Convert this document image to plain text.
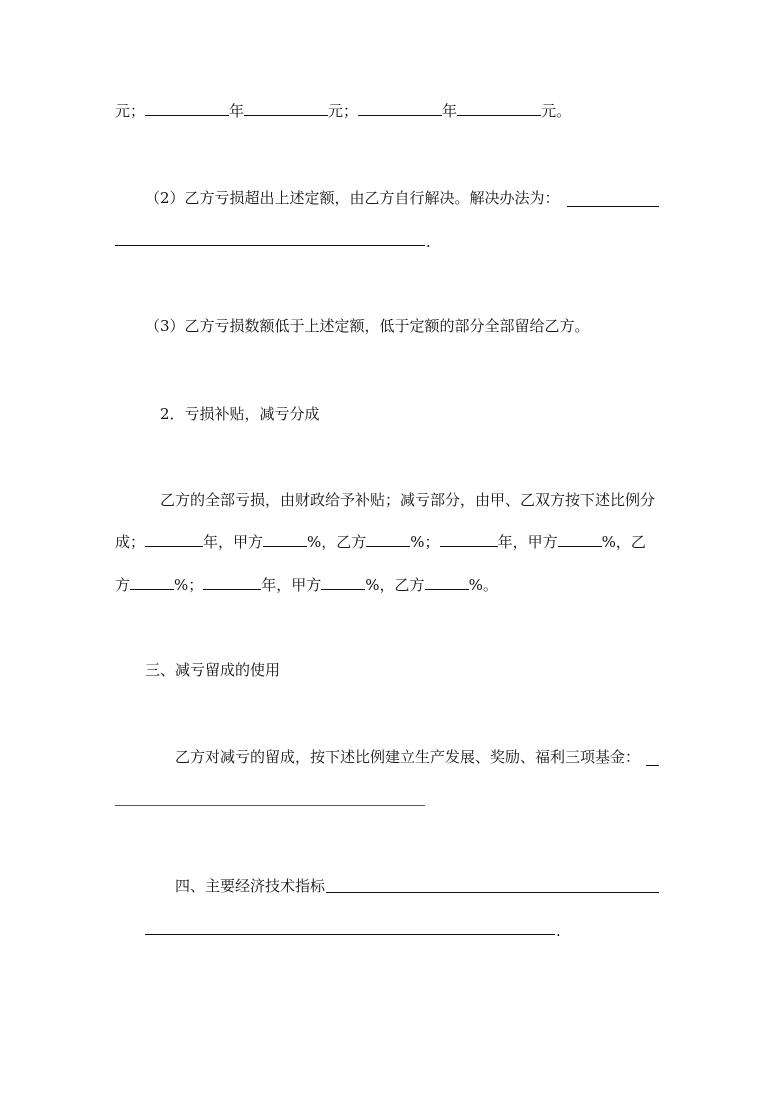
元；	年	元；	年	元。
（2）乙方亏损超出上述定额，由乙方自行解决。解决办法为：
.
（3）乙方亏损数额低于上述定额，低于定额的部分全部留给乙方。
2．亏损补贴，减亏分成
乙方的全部亏损，由财政给予补贴；减亏部分，由甲、乙双方按下述比例分
成；	年，甲方	%，乙方	%；	年，甲方	%，乙
方	%；	年，甲方	%，乙方	%。
三、减亏留成的使用
乙方对减亏的留成，按下述比例建立生产发展、奖励、福利三项基金：
四、主要经济技术指标
.
